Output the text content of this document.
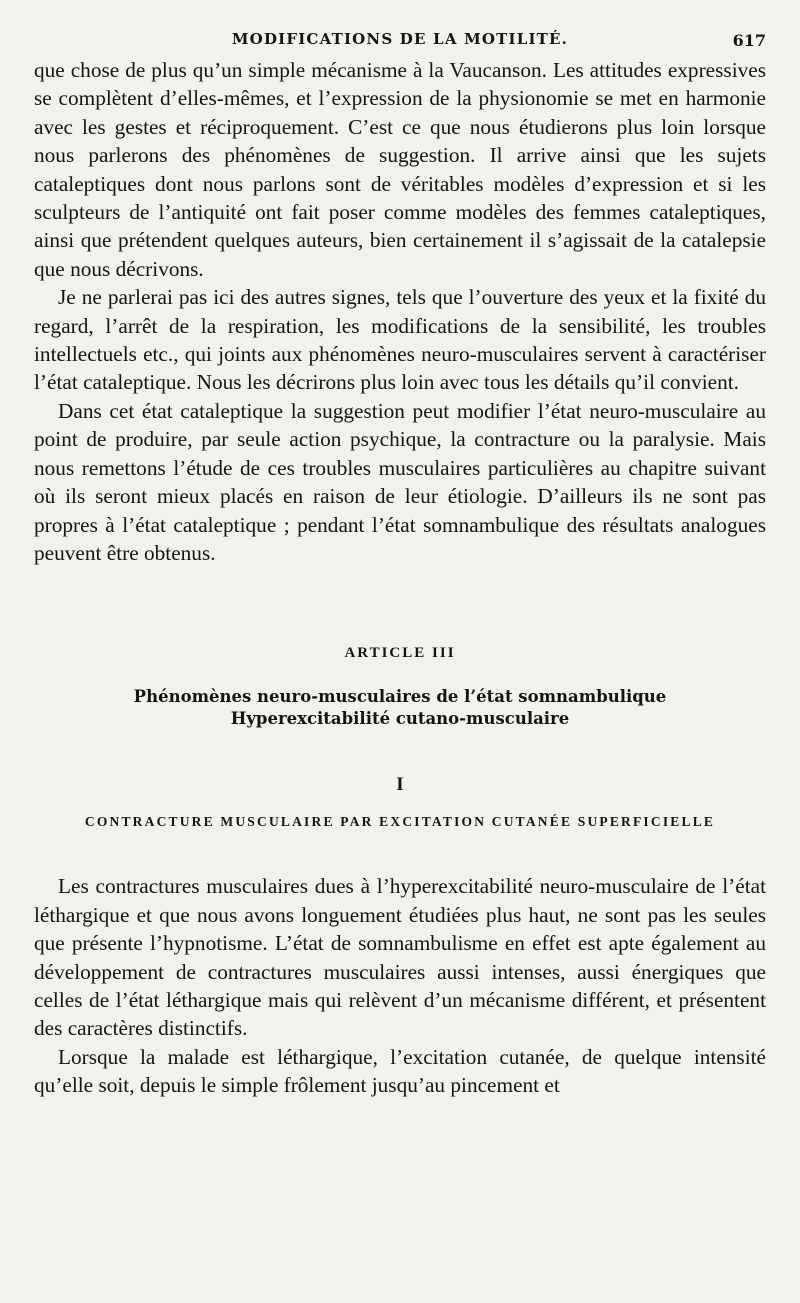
MODIFICATIONS DE LA MOTILITÉ.	617

que chose de plus qu’un simple mécanisme à la Vaucanson. Les attitudes expressives se complètent d’elles-mêmes, et l’expression de la physionomie se met en harmonie avec les gestes et réciproquement. C’est ce que nous étudierons plus loin lorsque nous parlerons des phénomènes de suggestion. Il arrive ainsi que les sujets cataleptiques dont nous parlons sont de véritables modèles d’expression et si les sculpteurs de l’antiquité ont fait poser comme modèles des femmes cataleptiques, ainsi que prétendent quelques auteurs, bien certainement il s’agissait de la catalepsie que nous décrivons.

Je ne parlerai pas ici des autres signes, tels que l’ouverture des yeux et la fixité du regard, l’arrêt de la respiration, les modifications de la sensibilité, les troubles intellectuels etc., qui joints aux phénomènes neuro-musculaires servent à caractériser l’état cataleptique. Nous les décrirons plus loin avec tous les détails qu’il convient.

Dans cet état cataleptique la suggestion peut modifier l’état neuro-musculaire au point de produire, par seule action psychique, la contracture ou la paralysie. Mais nous remettons l’étude de ces troubles musculaires particulières au chapitre suivant où ils seront mieux placés en raison de leur étiologie. D’ailleurs ils ne sont pas propres à l’état cataleptique ; pendant l’état somnambulique des résultats analogues peuvent être obtenus.

ARTICLE III
Phénomènes neuro-musculaires de l’état somnambulique
Hyperexcitabilité cutano-musculaire
I
CONTRACTURE MUSCULAIRE PAR EXCITATION CUTANÉE SUPERFICIELLE

Les contractures musculaires dues à l’hyperexcitabilité neuro-musculaire de l’état léthargique et que nous avons longuement étudiées plus haut, ne sont pas les seules que présente l’hypnotisme. L’état de somnambulisme en effet est apte également au développement de contractures musculaires aussi intenses, aussi énergiques que celles de l’état léthargique mais qui relèvent d’un mécanisme différent, et présentent des caractères distinctifs.

Lorsque la malade est léthargique, l’excitation cutanée, de quelque intensité qu’elle soit, depuis le simple frôlement jusqu’au pincement et
